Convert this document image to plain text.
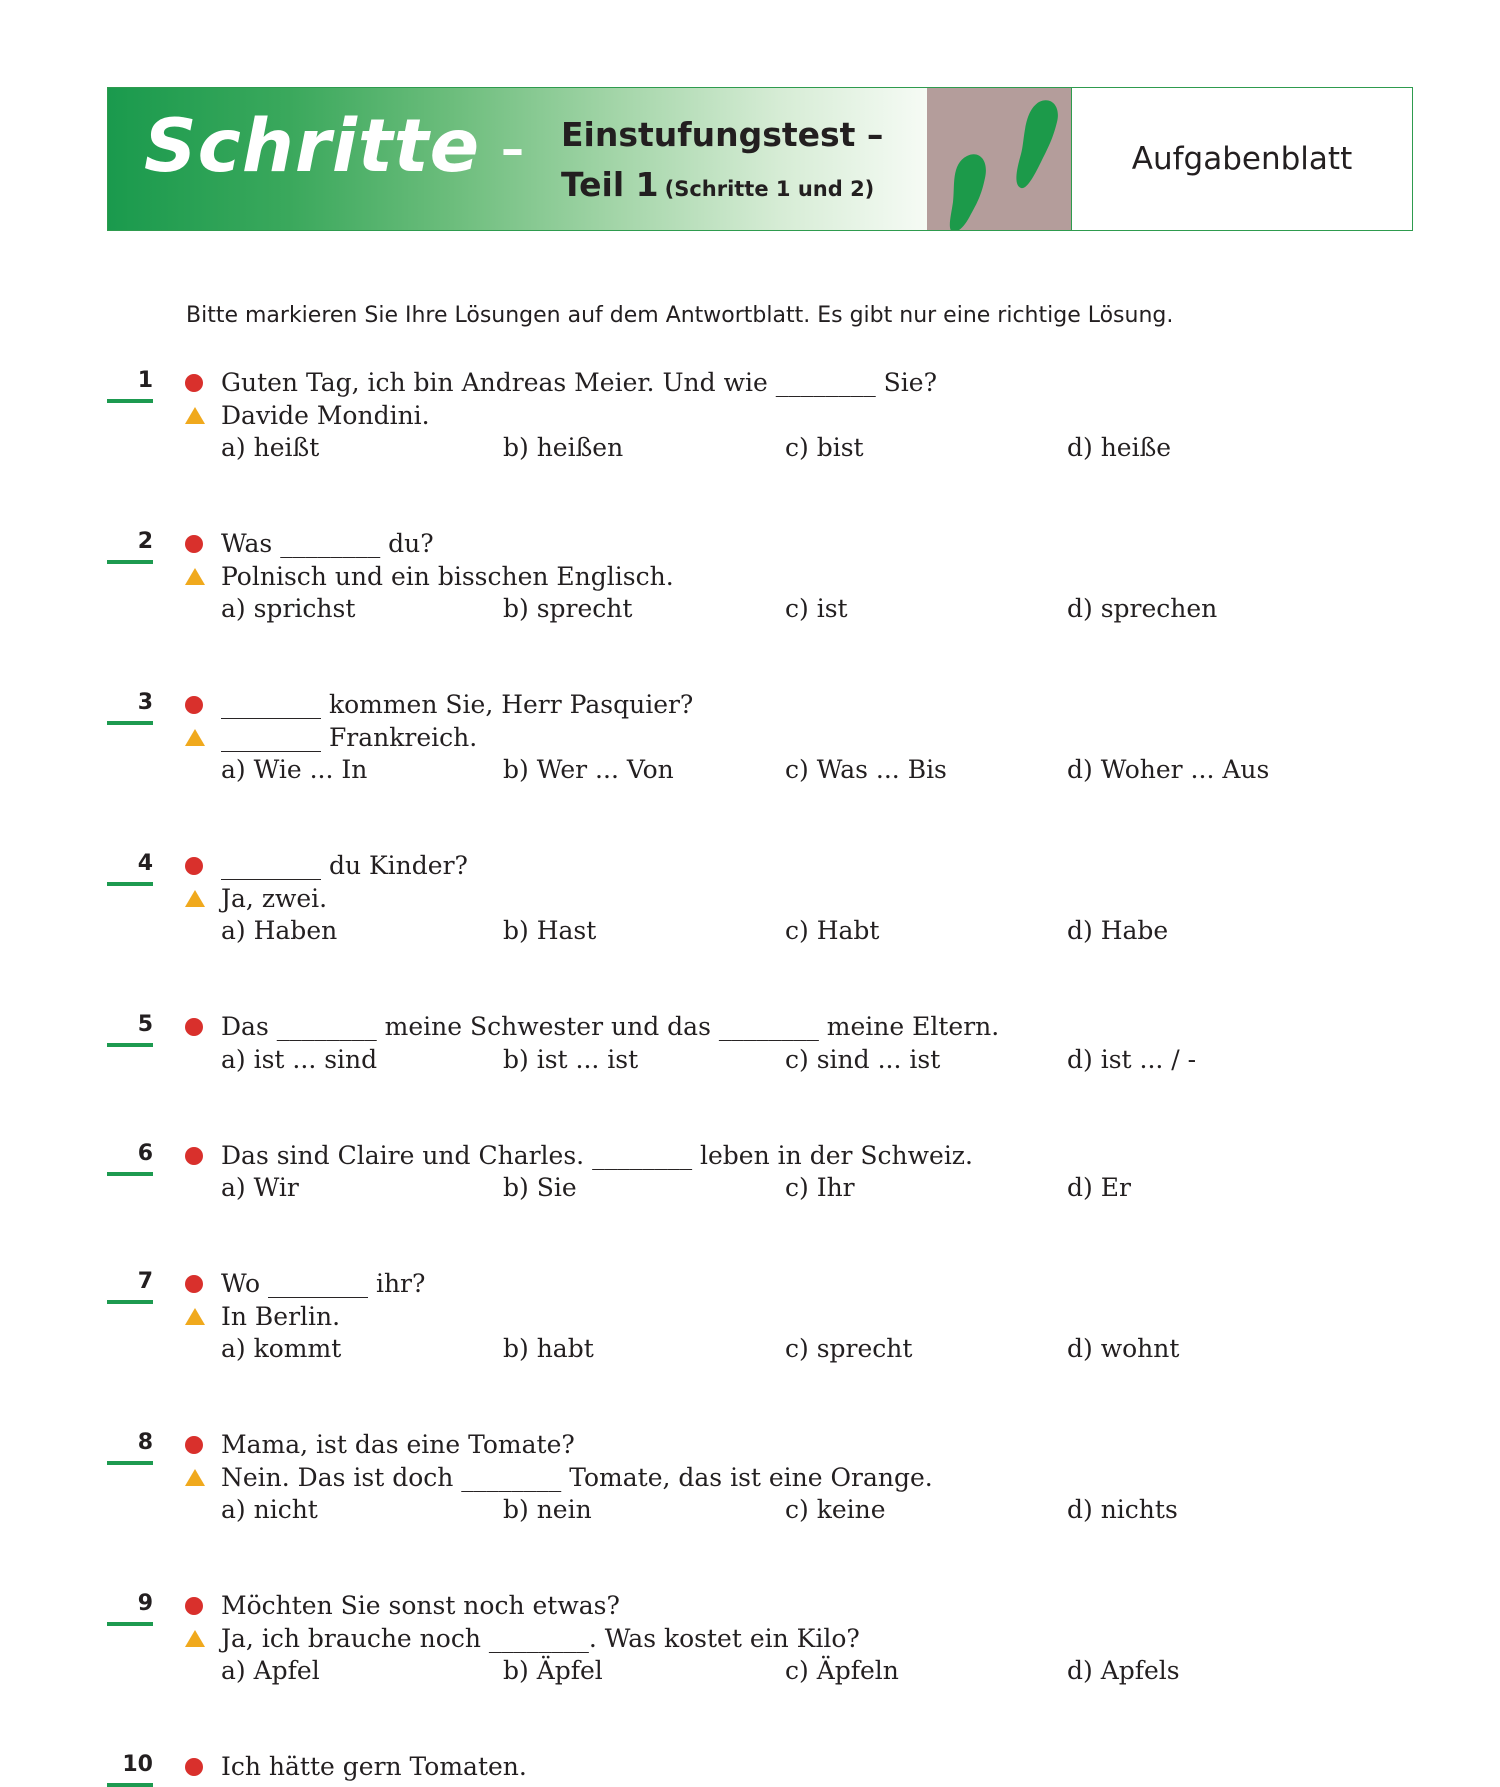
Schritte – Einstufungstest –
Teil 1 (Schritte 1 und 2)
Aufgabenblatt
Bitte markieren Sie Ihre Lösungen auf dem Antwortblatt. Es gibt nur eine richtige Lösung.
1	Guten Tag, ich bin Andreas Meier. Und wie ________ Sie?
Davide Mondini.
a) heißt	b) heißen	c) bist	d) heiße
2	Was ________ du?
Polnisch und ein bisschen Englisch.
a) sprichst	b) sprecht	c) ist	d) sprechen
3	________ kommen Sie, Herr Pasquier?
________ Frankreich.
a) Wie ... In	b) Wer ... Von	c) Was ... Bis	d) Woher ... Aus
4	________ du Kinder?
Ja, zwei.
a) Haben	b) Hast	c) Habt	d) Habe
5	Das ________ meine Schwester und das ________ meine Eltern.
a) ist ... sind	b) ist ... ist	c) sind ... ist	d) ist ... / -
6	Das sind Claire und Charles. ________ leben in der Schweiz.
a) Wir	b) Sie	c) Ihr	d) Er
7	Wo ________ ihr?
In Berlin.
a) kommt	b) habt	c) sprecht	d) wohnt
8	Mama, ist das eine Tomate?
Nein. Das ist doch ________ Tomate, das ist eine Orange.
a) nicht	b) nein	c) keine	d) nichts
9	Möchten Sie sonst noch etwas?
Ja, ich brauche noch ________. Was kostet ein Kilo?
a) Apfel	b) Äpfel	c) Äpfeln	d) Apfels
10	Ich hätte gern Tomaten.
